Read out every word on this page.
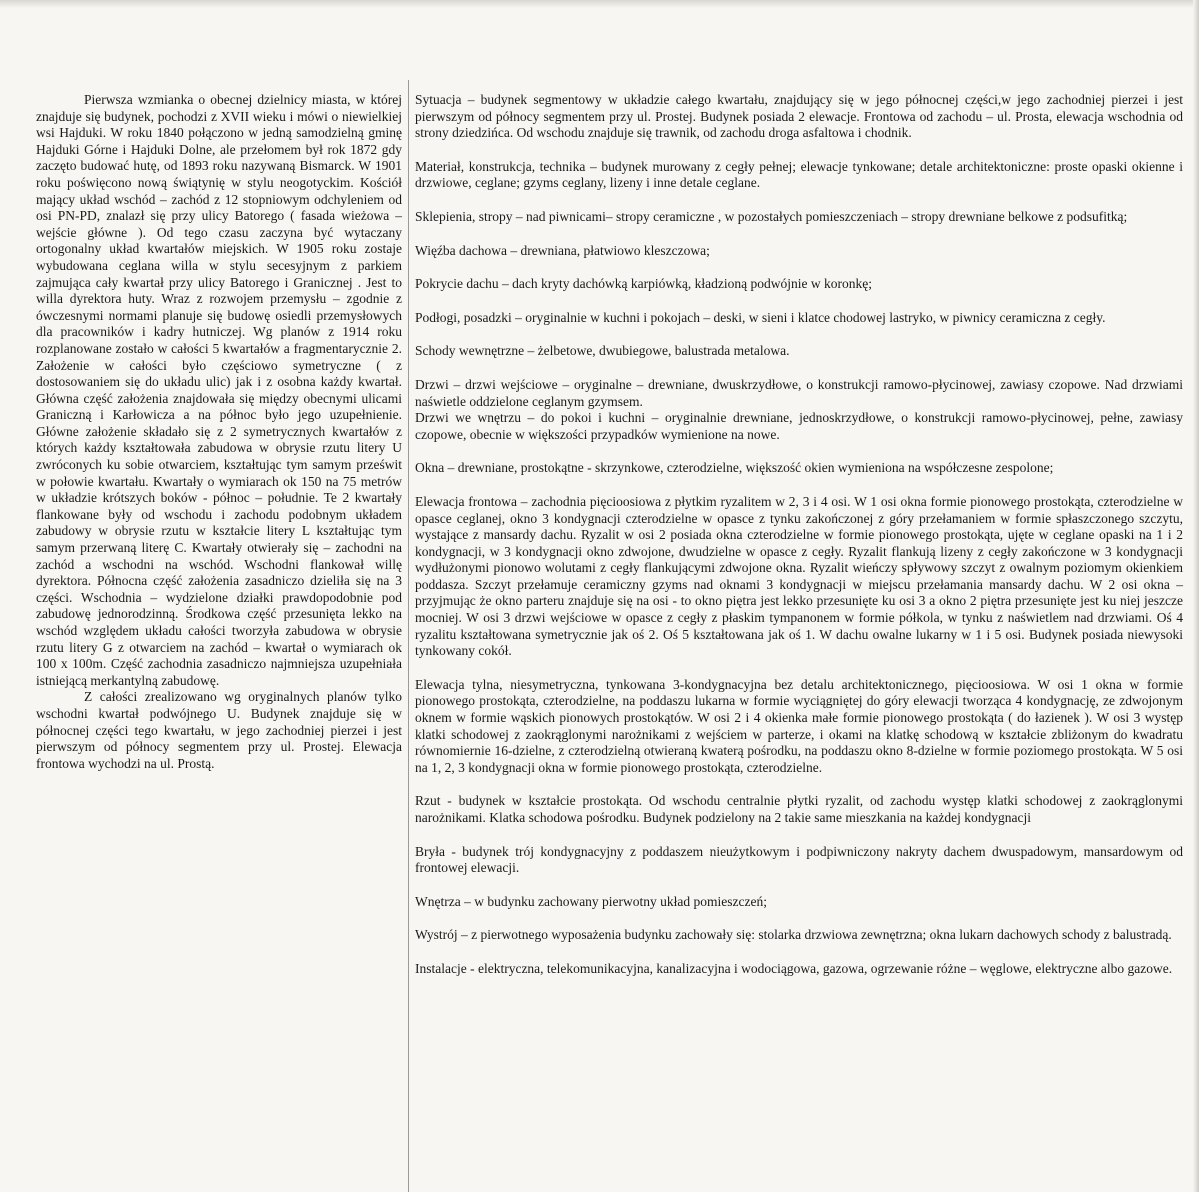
Pierwsza wzmianka o obecnej dzielnicy miasta, w której znajduje się budynek, pochodzi z XVII wieku i mówi o niewielkiej wsi Hajduki. W roku 1840 połączono w jedną samodzielną gminę Hajduki Górne i Hajduki Dolne, ale przełomem był rok 1872 gdy zaczęto budować hutę, od 1893 roku nazywaną Bismarck. W 1901 roku poświęcono nową świątynię w stylu neogotyckim. Kościół mający układ wschód – zachód z 12 stopniowym odchyleniem od osi PN-PD, znalazł się przy ulicy Batorego ( fasada wieżowa – wejście główne ). Od tego czasu zaczyna być wytaczany ortogonalny układ kwartałów miejskich. W 1905 roku zostaje wybudowana ceglana willa w stylu secesyjnym z parkiem zajmująca cały kwartał przy ulicy Batorego i Granicznej . Jest to willa dyrektora huty. Wraz z rozwojem przemysłu – zgodnie z ówczesnymi normami planuje się budowę osiedli przemysłowych dla pracowników i kadry hutniczej. Wg planów z 1914 roku rozplanowane zostało w całości 5 kwartałów a fragmentarycznie 2. Założenie w całości było częściowo symetryczne ( z dostosowaniem się do układu ulic) jak i z osobna każdy kwartał. Główna część założenia znajdowała się między obecnymi ulicami Graniczną i Karłowicza a na północ było jego uzupełnienie. Główne założenie składało się z 2 symetrycznych kwartałów z których każdy kształtowała zabudowa w obrysie rzutu litery U zwróconych ku sobie otwarciem, kształtując tym samym prześwit w połowie kwartału. Kwartały o wymiarach ok 150 na 75 metrów w układzie krótszych boków - północ – południe. Te 2 kwartały flankowane były od wschodu i zachodu podobnym układem zabudowy w obrysie rzutu w kształcie litery L kształtując tym samym przerwaną literę C. Kwartały otwierały się – zachodni na zachód a wschodni na wschód. Wschodni flankował willę dyrektora. Północna część założenia zasadniczo dzieliła się na 3 części. Wschodnia – wydzielone działki prawdopodobnie pod zabudowę jednorodzinną. Środkowa część przesunięta lekko na wschód względem układu całości tworzyła zabudowa w obrysie rzutu litery G z otwarciem na zachód – kwartał o wymiarach ok 100 x 100m. Część zachodnia zasadniczo najmniejsza uzupełniała istniejącą merkantylną zabudowę.

Z całości zrealizowano wg oryginalnych planów tylko wschodni kwartał podwójnego U. Budynek znajduje się w północnej części tego kwartału, w jego zachodniej pierzei i jest pierwszym od północy segmentem przy ul. Prostej. Elewacja frontowa wychodzi na ul. Prostą.

Sytuacja – budynek segmentowy w układzie całego kwartału, znajdujący się w jego północnej części,w jego zachodniej pierzei i jest pierwszym od północy segmentem przy ul. Prostej. Budynek posiada 2 elewacje. Frontowa od zachodu – ul. Prosta, elewacja wschodnia od strony dziedzińca. Od wschodu znajduje się trawnik, od zachodu droga asfaltowa i chodnik.

Materiał, konstrukcja, technika – budynek murowany z cegły pełnej; elewacje tynkowane; detale architektoniczne: proste opaski okienne i drzwiowe, ceglane; gzyms ceglany, lizeny i inne detale ceglane.

Sklepienia, stropy – nad piwnicami– stropy ceramiczne , w pozostałych pomieszczeniach – stropy drewniane belkowe z podsufitką;

Więźba dachowa – drewniana, płatwiowo kleszczowa;

Pokrycie dachu – dach kryty dachówką karpiówką, kładzioną podwójnie w koronkę;

Podłogi, posadzki – oryginalnie w kuchni i pokojach – deski, w sieni i klatce chodowej lastryko, w piwnicy ceramiczna z cegły.

Schody wewnętrzne – żelbetowe, dwubiegowe, balustrada metalowa.

Drzwi – drzwi wejściowe – oryginalne – drewniane, dwuskrzydłowe, o konstrukcji ramowo-płycinowej, zawiasy czopowe. Nad drzwiami naświetle oddzielone ceglanym gzymsem.

Drzwi we wnętrzu – do pokoi i kuchni – oryginalnie drewniane, jednoskrzydłowe, o konstrukcji ramowo-płycinowej, pełne, zawiasy czopowe, obecnie w większości przypadków wymienione na nowe.

Okna – drewniane, prostokątne - skrzynkowe, czterodzielne, większość okien wymieniona na współczesne zespolone;

Elewacja frontowa – zachodnia pięcioosiowa z płytkim ryzalitem w 2, 3 i 4 osi. W 1 osi okna formie pionowego prostokąta, czterodzielne w opasce ceglanej, okno 3 kondygnacji czterodzielne w opasce z tynku zakończonej z góry przełamaniem w formie spłaszczonego szczytu, wystające z mansardy dachu. Ryzalit w osi 2 posiada okna czterodzielne w formie pionowego prostokąta, ujęte w ceglane opaski na 1 i 2 kondygnacji, w 3 kondygnacji okno zdwojone, dwudzielne w opasce z cegły. Ryzalit flankują lizeny z cegły zakończone w 3 kondygnacji wydłużonymi pionowo wolutami z cegły flankującymi zdwojone okna. Ryzalit wieńczy spływowy szczyt z owalnym poziomym okienkiem poddasza. Szczyt przełamuje ceramiczny gzyms nad oknami 3 kondygnacji w miejscu przełamania mansardy dachu. W 2 osi okna – przyjmując że okno parteru znajduje się na osi - to okno piętra jest lekko przesunięte ku osi 3 a okno 2 piętra przesunięte jest ku niej jeszcze mocniej. W osi 3 drzwi wejściowe w opasce z cegły z płaskim tympanonem w formie półkola, w tynku z naświetlem nad drzwiami. Oś 4 ryzalitu kształtowana symetrycznie jak oś 2. Oś 5 kształtowana jak oś 1. W dachu owalne lukarny w 1 i 5 osi. Budynek posiada niewysoki tynkowany cokół.

Elewacja tylna, niesymetryczna, tynkowana 3-kondygnacyjna bez detalu architektonicznego, pięcioosiowa. W osi 1 okna w formie pionowego prostokąta, czterodzielne, na poddaszu lukarna w formie wyciągniętej do góry elewacji tworząca 4 kondygnację, ze zdwojonym oknem w formie wąskich pionowych prostokątów. W osi 2 i 4 okienka małe formie pionowego prostokąta ( do łazienek ). W osi 3 występ klatki schodowej z zaokrąglonymi narożnikami z wejściem w parterze, i okami na klatkę schodową w kształcie zbliżonym do kwadratu równomiernie 16-dzielne, z czterodzielną otwieraną kwaterą pośrodku, na poddaszu okno 8-dzielne w formie poziomego prostokąta. W 5 osi na 1, 2, 3 kondygnacji okna w formie pionowego prostokąta, czterodzielne.

Rzut - budynek w kształcie prostokąta. Od wschodu centralnie płytki ryzalit, od zachodu występ klatki schodowej z zaokrąglonymi narożnikami. Klatka schodowa pośrodku. Budynek podzielony na 2 takie same mieszkania na każdej kondygnacji

Bryła - budynek trój kondygnacyjny z poddaszem nieużytkowym i podpiwniczony nakryty dachem dwuspadowym, mansardowym od frontowej elewacji.

Wnętrza – w budynku zachowany pierwotny układ pomieszczeń;

Wystrój – z pierwotnego wyposażenia budynku zachowały się: stolarka drzwiowa zewnętrzna; okna lukarn dachowych schody z balustradą.

Instalacje - elektryczna, telekomunikacyjna, kanalizacyjna i wodociągowa, gazowa, ogrzewanie różne – węglowe, elektryczne albo gazowe.
